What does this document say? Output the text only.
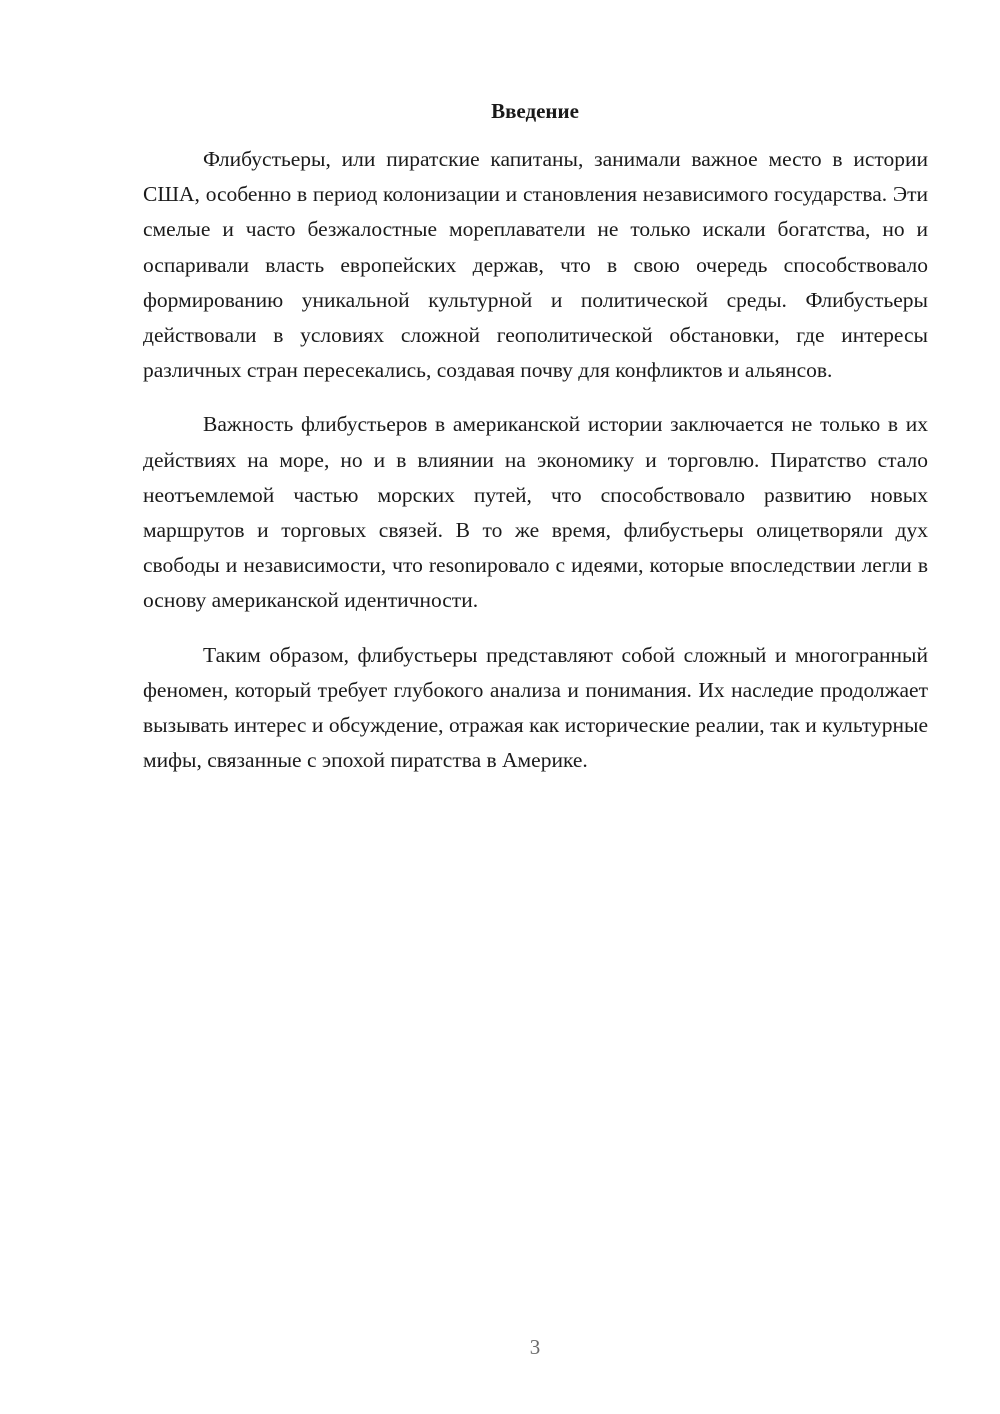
Введение

Флибустьеры, или пиратские капитаны, занимали важное место в истории США, особенно в период колонизации и становления независимого государства. Эти смелые и часто безжалостные мореплаватели не только искали богатства, но и оспаривали власть европейских держав, что в свою очередь способствовало формированию уникальной культурной и политической среды. Флибустьеры действовали в условиях сложной геополитической обстановки, где интересы различных стран пересекались, создавая почву для конфликтов и альянсов.

Важность флибустьеров в американской истории заключается не только в их действиях на море, но и в влиянии на экономику и торговлю. Пиратство стало неотъемлемой частью морских путей, что способствовало развитию новых маршрутов и торговых связей. В то же время, флибустьеры олицетворяли дух свободы и независимости, что resonировало с идеями, которые впоследствии легли в основу американской идентичности.

Таким образом, флибустьеры представляют собой сложный и многогранный феномен, который требует глубокого анализа и понимания. Их наследие продолжает вызывать интерес и обсуждение, отражая как исторические реалии, так и культурные мифы, связанные с эпохой пиратства в Америке.

3
